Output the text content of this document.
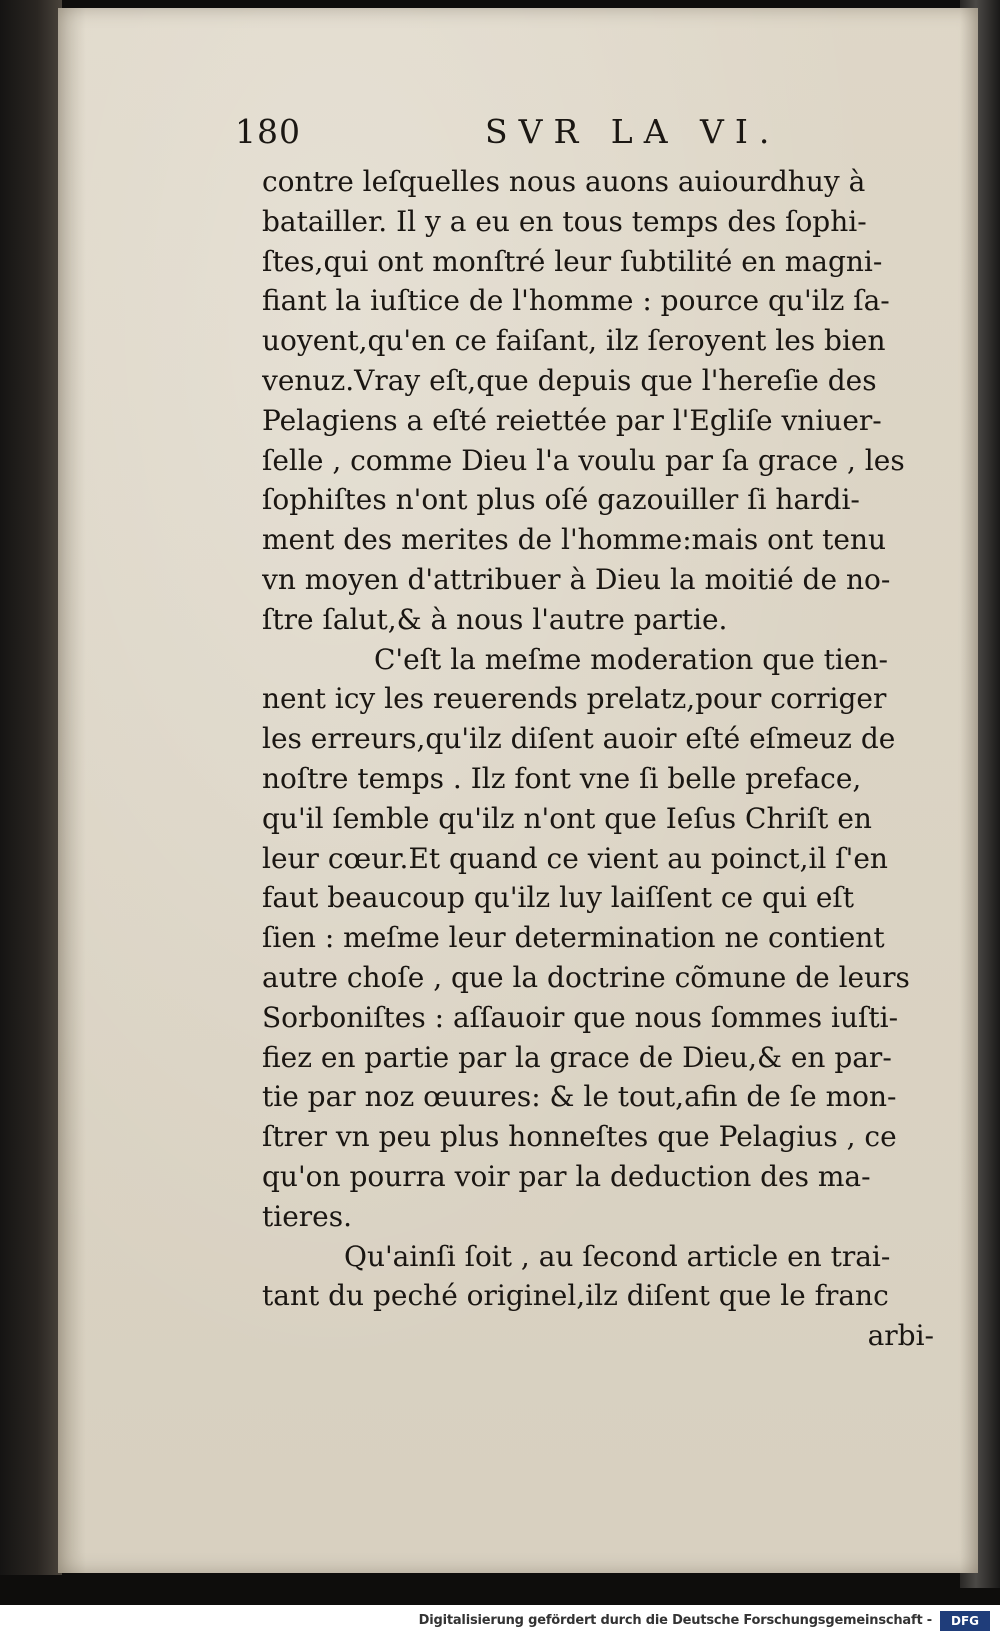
180	SVR LA VI.
contre leſquelles nous auons auiourdhuy à
batailler. Il y a eu en tous temps des ſophi-
ſtes,qui ont monſtré leur ſubtilité en magni-
fiant la iuſtice de l'homme : pource qu'ilz ſa-
uoyent,qu'en ce faiſant, ilz ſeroyent les bien
venuz.Vray eſt,que depuis que l'hereſie des
Pelagiens a eſté reiettée par l'Egliſe vniuer-
ſelle , comme Dieu l'a voulu par ſa grace , les
ſophiſtes n'ont plus oſé gazouiller ſi hardi-
ment des merites de l'homme:mais ont tenu
vn moyen d'attribuer à Dieu la moitié de no-
ſtre ſalut,& à nous l'autre partie.
C'eſt la meſme moderation que tien-
nent icy les reuerends prelatz,pour corriger
les erreurs,qu'ilz diſent auoir eſté eſmeuz de
noſtre temps . Ilz font vne ſi belle preface,
qu'il ſemble qu'ilz n'ont que Ieſus Chriſt en
leur cœur.Et quand ce vient au poinct,il ſ'en
faut beaucoup qu'ilz luy laiſſent ce qui eſt
ſien : meſme leur determination ne contient
autre choſe , que la doctrine cõmune de leurs
Sorboniſtes : aſſauoir que nous ſommes iuſti-
fiez en partie par la grace de Dieu,& en par-
tie par noz œuures: & le tout,afin de ſe mon-
ſtrer vn peu plus honneſtes que Pelagius , ce
qu'on pourra voir par la deduction des ma-
tieres.
Qu'ainſi ſoit , au ſecond article en trai-
tant du peché originel,ilz diſent que le franc
arbi-
Digitalisierung gefördert durch die Deutsche Forschungsgemeinschaft -	DFG
